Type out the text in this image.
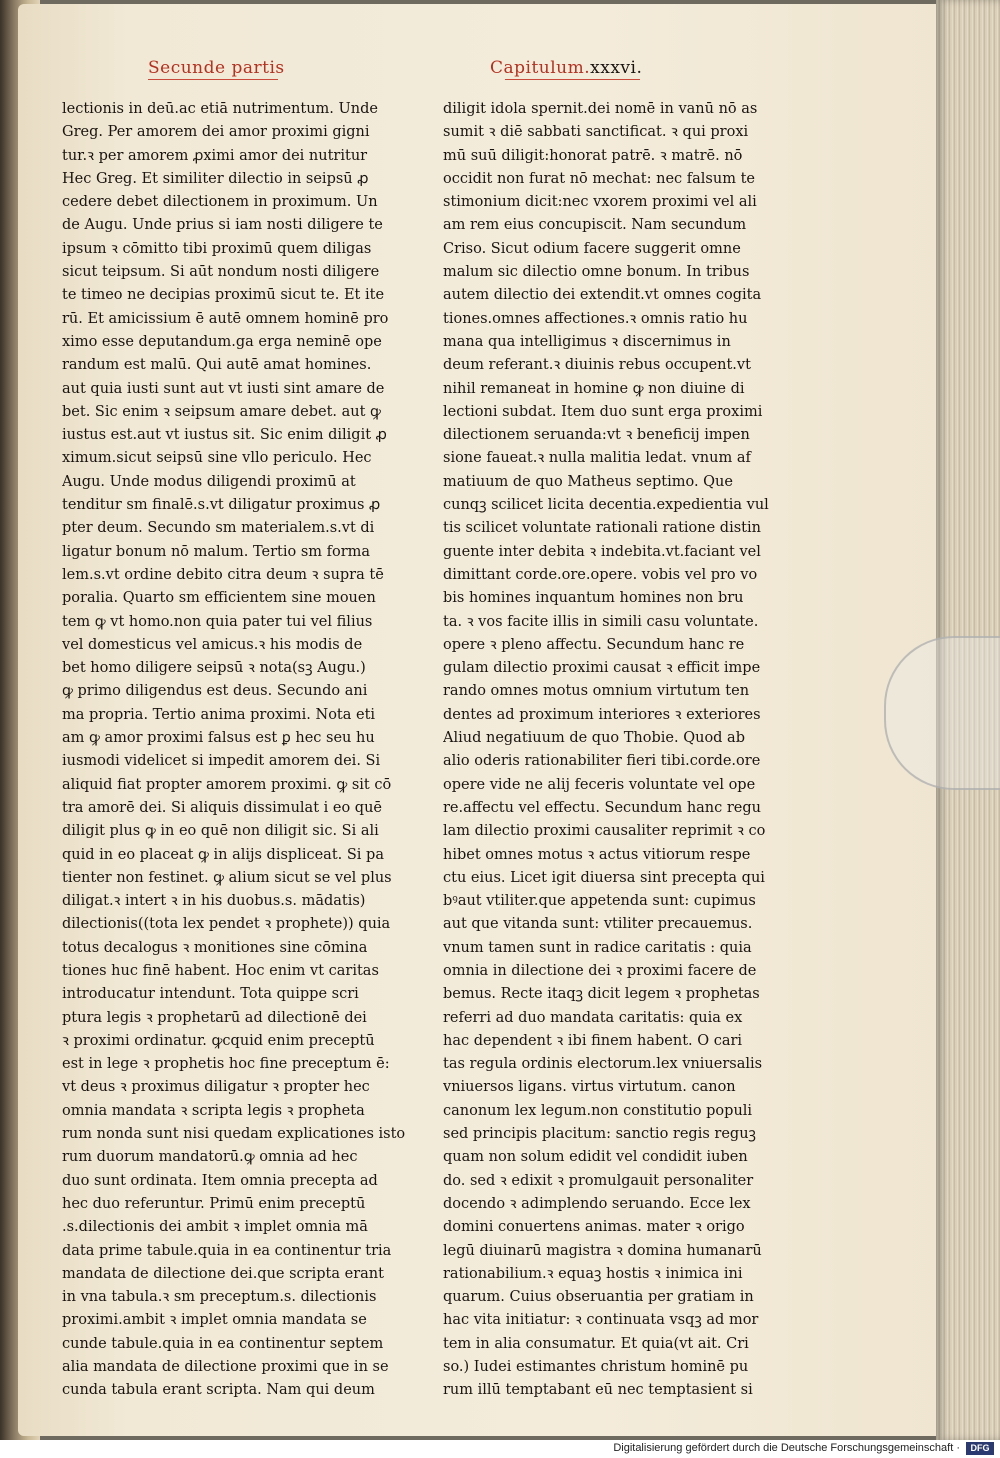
Secunde partis	Capitulum.xxxvi.
lectionis in deū.ac etiā nutrimentum. Unde
Greg. Per amorem dei amor proximi gigni
tur.ꝛ per amorem ꝓximi amor dei nutritur
Hec Greg. Et similiter dilectio in seipsū ꝓ
cedere debet dilectionem in proximum. Un
de Augu. Unde prius si iam nosti diligere te
ipsum ꝛ cōmitto tibi proximū quem diligas
sicut teipsum. Si aūt nondum nosti diligere
te timeo ne decipias proximū sicut te. Et ite
rū. Et amicissium ē autē omnem hominē pro
ximo esse deputandum.ga erga neminē ope
randum est malū. Qui autē amat homines.
aut quia iusti sunt aut vt iusti sint amare de
bet. Sic enim ꝛ seipsum amare debet. aut ꝙ
iustus est.aut vt iustus sit. Sic enim diligit ꝓ
ximum.sicut seipsū sine vllo periculo. Hec
Augu. Unde modus diligendi proximū at
tenditur sm finalē.s.vt diligatur proximus ꝓ
pter deum. Secundo sm materialem.s.vt di
ligatur bonum nō malum. Tertio sm forma
lem.s.vt ordine debito citra deum ꝛ supra tē
poralia. Quarto sm efficientem sine mouen
tem ꝙ vt homo.non quia pater tui vel filius
vel domesticus vel amicus.ꝛ his modis de
bet homo diligere seipsū ꝛ nota(sꝫ Augu.)
ꝙ primo diligendus est deus. Secundo ani
ma propria. Tertio anima proximi. Nota eti
am ꝙ amor proximi falsus est ꝑ hec seu hu
iusmodi videlicet si impedit amorem dei. Si
aliquid fiat propter amorem proximi. ꝙ sit cō
tra amorē dei. Si aliquis dissimulat i eo quē
diligit plus ꝙ in eo quē non diligit sic. Si ali
quid in eo placeat ꝙ in alijs displiceat. Si pa
tienter non festinet. ꝙ alium sicut se vel plus
diligat.ꝛ intert ꝛ in his duobus.s. mādatis)
dilectionis((tota lex pendet ꝛ prophete)) quia
totus decalogus ꝛ monitiones sine cōmina
tiones huc finē habent. Hoc enim vt caritas
introducatur intendunt. Tota quippe scri
ptura legis ꝛ prophetarū ad dilectionē dei
ꝛ proximi ordinatur. ꝙcquid enim preceptū
est in lege ꝛ prophetis hoc fine preceptum ē:
vt deus ꝛ proximus diligatur ꝛ propter hec
omnia mandata ꝛ scripta legis ꝛ propheta
rum nonda sunt nisi quedam explicationes isto
rum duorum mandatorū.ꝙ omnia ad hec
duo sunt ordinata. Item omnia precepta ad
hec duo referuntur. Primū enim preceptū
.s.dilectionis dei ambit ꝛ implet omnia mā
data prime tabule.quia in ea continentur tria
mandata de dilectione dei.que scripta erant
in vna tabula.ꝛ sm preceptum.s. dilectionis
proximi.ambit ꝛ implet omnia mandata se
cunde tabule.quia in ea continentur septem
alia mandata de dilectione proximi que in se
cunda tabula erant scripta. Nam qui deum
diligit idola spernit.dei nomē in vanū nō as
sumit ꝛ diē sabbati sanctificat. ꝛ qui proxi
mū suū diligit:honorat patrē. ꝛ matrē. nō
occidit non furat nō mechat: nec falsum te
stimonium dicit:nec vxorem proximi vel ali
am rem eius concupiscit. Nam secundum
Criso. Sicut odium facere suggerit omne
malum sic dilectio omne bonum. In tribus
autem dilectio dei extendit.vt omnes cogita
tiones.omnes affectiones.ꝛ omnis ratio hu
mana qua intelligimus ꝛ discernimus in
deum referant.ꝛ diuinis rebus occupent.vt
nihil remaneat in homine ꝙ non diuine di
lectioni subdat. Item duo sunt erga proximi
dilectionem seruanda:vt ꝛ beneficij impen
sione faueat.ꝛ nulla malitia ledat. vnum af
matiuum de quo Matheus septimo. Que
cunqꝫ scilicet licita decentia.expedientia vul
tis scilicet voluntate rationali ratione distin
guente inter debita ꝛ indebita.vt.faciant vel
dimittant corde.ore.opere. vobis vel pro vo
bis homines inquantum homines non bru
ta. ꝛ vos facite illis in simili casu voluntate.
opere ꝛ pleno affectu. Secundum hanc re
gulam dilectio proximi causat ꝛ efficit impe
rando omnes motus omnium virtutum ten
dentes ad proximum interiores ꝛ exteriores
Aliud negatiuum de quo Thobie. Quod ab
alio oderis rationabiliter fieri tibi.corde.ore
opere vide ne alij feceris voluntate vel ope
re.affectu vel effectu. Secundum hanc regu
lam dilectio proximi causaliter reprimit ꝛ co
hibet omnes motus ꝛ actus vitiorum respe
ctu eius. Licet igit diuersa sint precepta qui
bꝰaut vtiliter.que appetenda sunt: cupimus
aut que vitanda sunt: vtiliter precauemus.
vnum tamen sunt in radice caritatis : quia
omnia in dilectione dei ꝛ proximi facere de
bemus. Recte itaqꝫ dicit legem ꝛ prophetas
referri ad duo mandata caritatis: quia ex
hac dependent ꝛ ibi finem habent. O cari
tas regula ordinis electorum.lex vniuersalis
vniuersos ligans. virtus virtutum. canon
canonum lex legum.non constitutio populi
sed principis placitum: sanctio regis reguꝫ
quam non solum edidit vel condidit iuben
do. sed ꝛ edixit ꝛ promulgauit personaliter
docendo ꝛ adimplendo seruando. Ecce lex
domini conuertens animas. mater ꝛ origo
legū diuinarū magistra ꝛ domina humanarū
rationabilium.ꝛ equaꝫ hostis ꝛ inimica ini
quarum. Cuius obseruantia per gratiam in
hac vita initiatur: ꝛ continuata vsqꝫ ad mor
tem in alia consumatur. Et quia(vt ait. Cri
so.) Iudei estimantes christum hominē pu
rum illū temptabant eū nec temptasient si
Digitalisierung gefördert durch die Deutsche Forschungsgemeinschaft ·	DFG
